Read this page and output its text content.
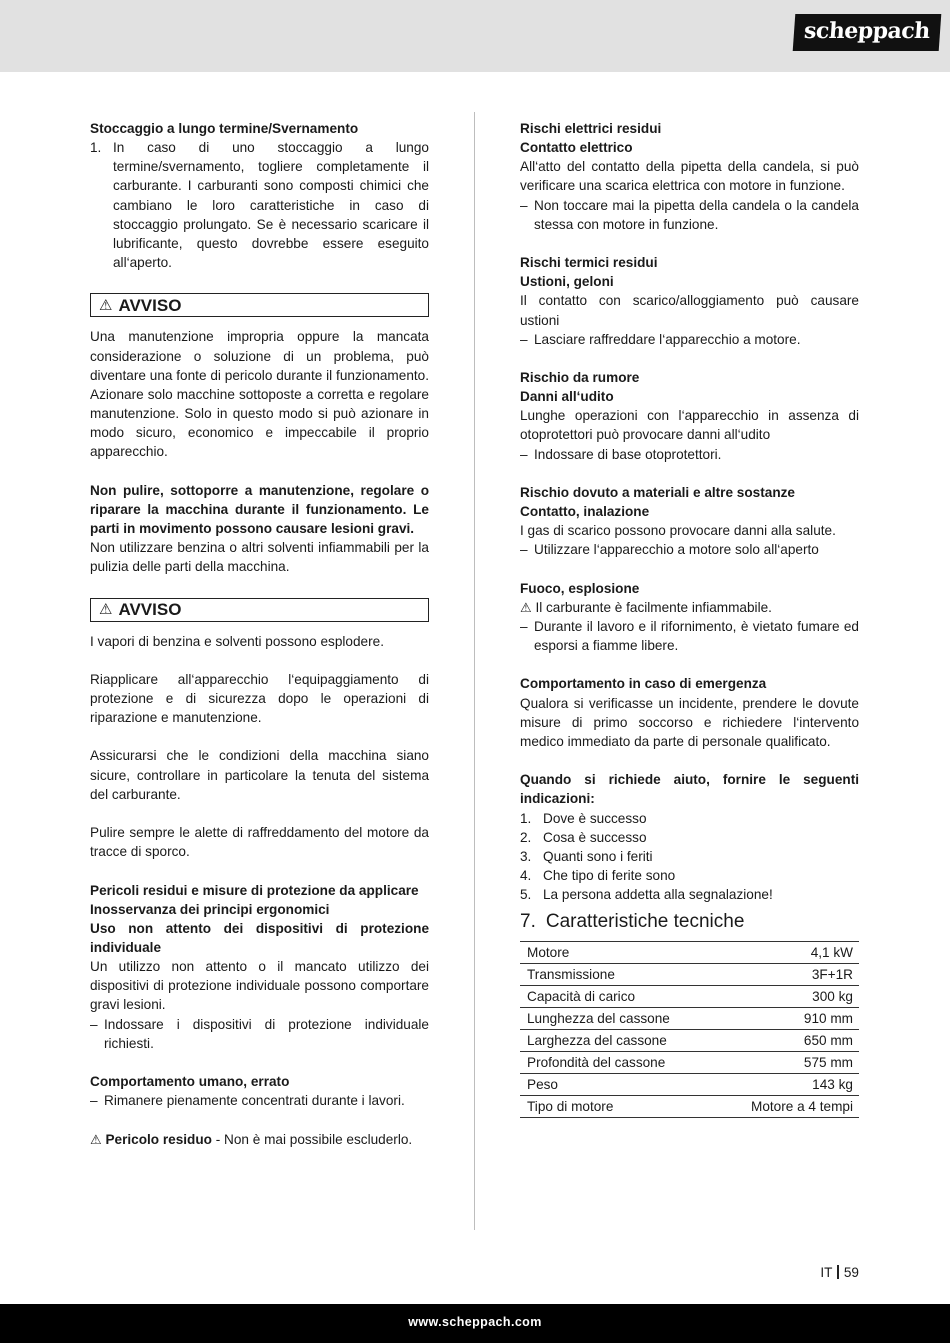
scheppach

Stoccaggio a lungo termine/Svernamento

1. In caso di uno stoccaggio a lungo termine/svernamento, togliere completamente il carburante. I carburanti sono composti chimici che cambiano le loro caratteristiche in caso di stoccaggio prolungato. Se è necessario scaricare il lubrificante, questo dovrebbe essere eseguito all‘aperto.
⚠ AVVISO

Una manutenzione impropria oppure la mancata considerazione o soluzione di un problema, può diventare una fonte di pericolo durante il funzionamento. Azionare solo macchine sottoposte a corretta e regolare manutenzione. Solo in questo modo si può azionare in modo sicuro, economico e impeccabile il proprio apparecchio.

Non pulire, sottoporre a manutenzione, regolare o riparare la macchina durante il funzionamento. Le parti in movimento possono causare lesioni gravi.

Non utilizzare benzina o altri solventi infiammabili per la pulizia delle parti della macchina.

⚠ AVVISO

I vapori di benzina e solventi possono esplodere.

Riapplicare all‘apparecchio l‘equipaggiamento di protezione e di sicurezza dopo le operazioni di riparazione e manutenzione.

Assicurarsi che le condizioni della macchina siano sicure, controllare in particolare la tenuta del sistema del carburante.

Pulire sempre le alette di raffreddamento del motore da tracce di sporco.

Pericoli residui e misure di protezione da applicare

Inosservanza dei principi ergonomici

Uso non attento dei dispositivi di protezione individuale

Un utilizzo non attento o il mancato utilizzo dei dispositivi di protezione individuale possono comportare gravi lesioni.

– Indossare i dispositivi di protezione individuale richiesti.

Comportamento umano, errato

– Rimanere pienamente concentrati durante i lavori.

⚠ Pericolo residuo - Non è mai possibile escluderlo.

Rischi elettrici residui

Contatto elettrico

All‘atto del contatto della pipetta della candela, si può verificare una scarica elettrica con motore in funzione.

– Non toccare mai la pipetta della candela o la candela stessa con motore in funzione.

Rischi termici residui

Ustioni, geloni

Il contatto con scarico/alloggiamento può causare ustioni

– Lasciare raffreddare l‘apparecchio a motore.

Rischio da rumore

Danni all‘udito

Lunghe operazioni con l‘apparecchio in assenza di otoprotettori può provocare danni all‘udito

– Indossare di base otoprotettori.

Rischio dovuto a materiali e altre sostanze

Contatto, inalazione

I gas di scarico possono provocare danni alla salute.

– Utilizzare l‘apparecchio a motore solo all‘aperto

Fuoco, esplosione

⚠ Il carburante è facilmente infiammabile.

– Durante il lavoro e il rifornimento, è vietato fumare ed esporsi a fiamme libere.

Comportamento in caso di emergenza

Qualora si verificasse un incidente, prendere le dovute misure di primo soccorso e richiedere l‘intervento medico immediato da parte di personale qualificato.

Quando si richiede aiuto, fornire le seguenti indicazioni:

1. Dove è successo
2. Cosa è successo
3. Quanti sono i feriti
4. Che tipo di ferite sono
5. La persona addetta alla segnalazione!
7. Caratteristiche tecniche
Motore	4,1 kW
Transmissione	3F+1R
Capacità di carico	300 kg
Lunghezza del cassone	910 mm
Larghezza del cassone	650 mm
Profondità del cassone	575 mm
Peso	143 kg
Tipo di motore	Motore a 4 tempi
IT 59
www.scheppach.com
